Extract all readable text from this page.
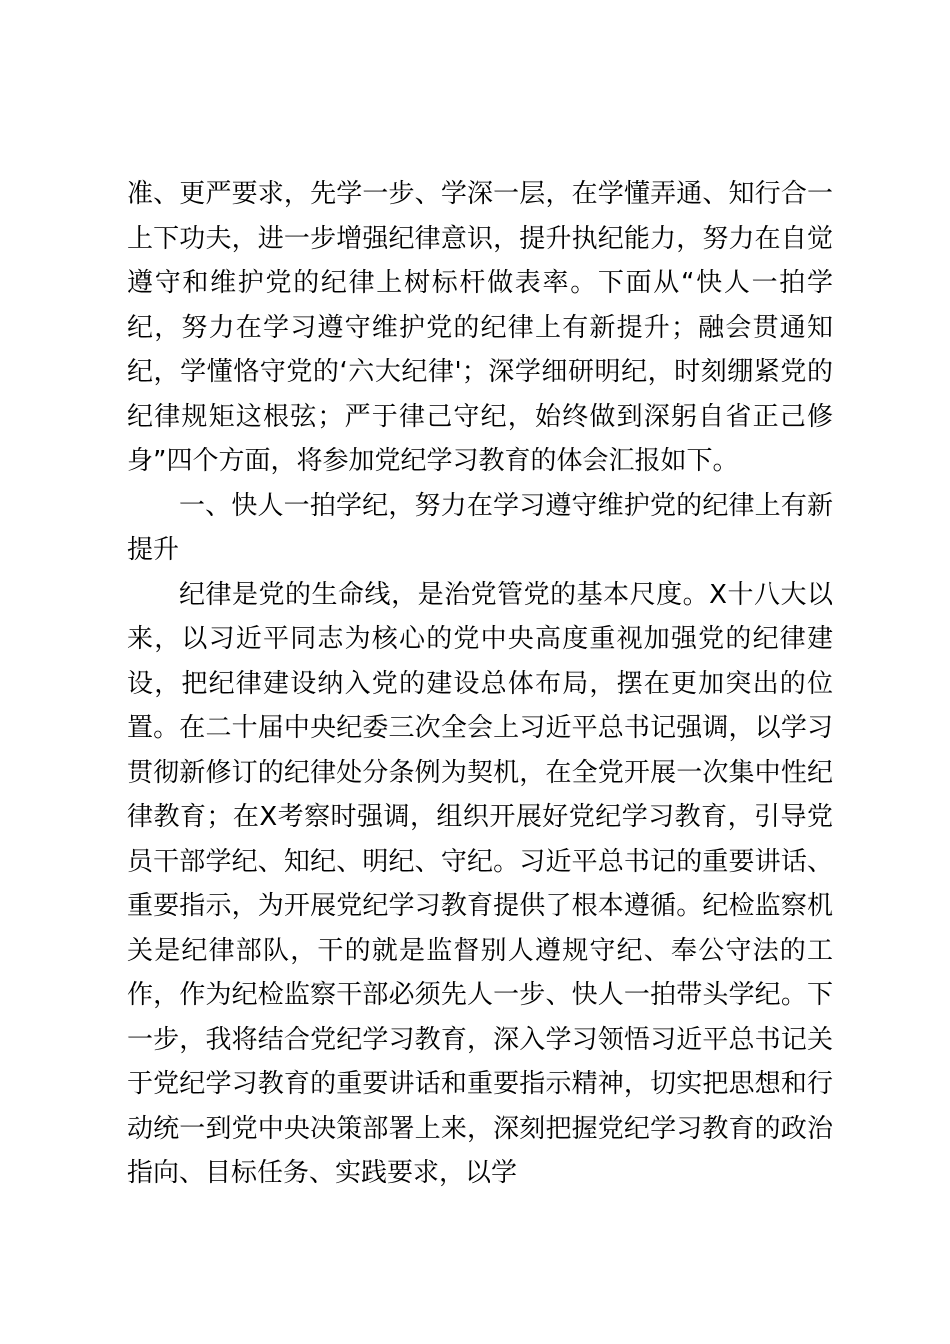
准、更严要求，先学一步、学深一层，在学懂弄通、知行合一上下功夫，进一步增强纪律意识，提升执纪能力，努力在自觉遵守和维护党的纪律上树标杆做表率。下面从“快人一拍学纪，努力在学习遵守维护党的纪律上有新提升；融会贯通知纪，学懂恪守党的‘六大纪律'；深学细研明纪，时刻绷紧党的纪律规矩这根弦；严于律己守纪，始终做到深躬自省正己修身”四个方面，将参加党纪学习教育的体会汇报如下。

一、快人一拍学纪，努力在学习遵守维护党的纪律上有新提升

纪律是党的生命线，是治党管党的基本尺度。X十八大以来，以习近平同志为核心的党中央高度重视加强党的纪律建设，把纪律建设纳入党的建设总体布局，摆在更加突出的位置。在二十届中央纪委三次全会上习近平总书记强调，以学习贯彻新修订的纪律处分条例为契机，在全党开展一次集中性纪律教育；在X考察时强调，组织开展好党纪学习教育，引导党员干部学纪、知纪、明纪、守纪。习近平总书记的重要讲话、重要指示，为开展党纪学习教育提供了根本遵循。纪检监察机关是纪律部队，干的就是监督别人遵规守纪、奉公守法的工作，作为纪检监察干部必须先人一步、快人一拍带头学纪。下一步，我将结合党纪学习教育，深入学习领悟习近平总书记关于党纪学习教育的重要讲话和重要指示精神，切实把思想和行动统一到党中央决策部署上来，深刻把握党纪学习教育的政治指向、目标任务、实践要求，以学
